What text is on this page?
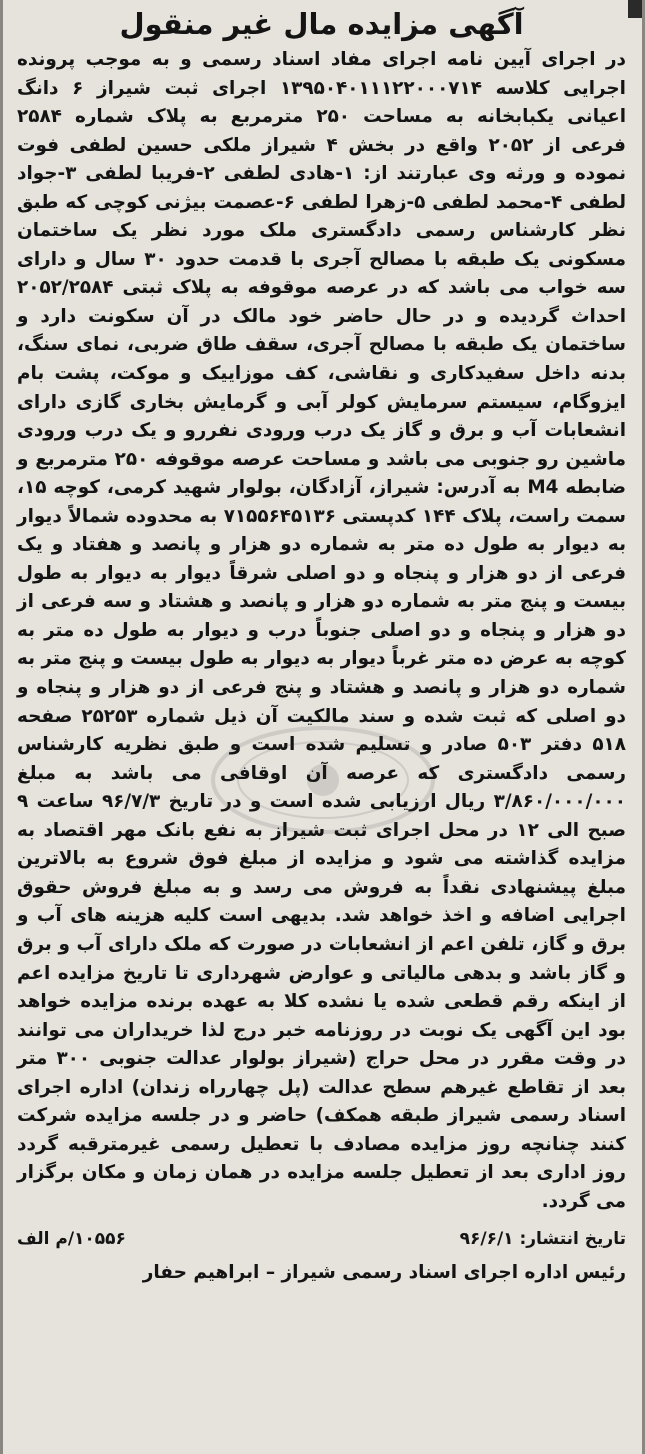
آگهی مزایده مال غیر منقول

در اجرای آیین نامه اجرای مفاد اسناد رسمی و به موجب پرونده اجرایی کلاسه ۱۳۹۵۰۴۰۱۱۱۲۲۰۰۰۷۱۴ اجرای ثبت شیراز ۶ دانگ اعیانی یکبابخانه به مساحت ۲۵۰ مترمربع به پلاک شماره ۲۵۸۴ فرعی از ۲۰۵۲ واقع در بخش ۴ شیراز ملکی حسین لطفی فوت نموده و ورثه وی عبارتند از: ۱-هادی لطفی ۲-فریبا لطفی ۳-جواد لطفی ۴-محمد لطفی ۵-زهرا لطفی ۶-عصمت بیژنی کوچی که طبق نظر کارشناس رسمی دادگستری ملک مورد نظر یک ساختمان مسکونی یک طبقه با مصالح آجری با قدمت حدود ۳۰ سال و دارای سه خواب می باشد که در عرصه موقوفه به پلاک ثبتی ۲۰۵۲/۲۵۸۴ احداث گردیده و در حال حاضر خود مالک در آن سکونت دارد و ساختمان یک طبقه با مصالح آجری، سقف طاق ضربی، نمای سنگ، بدنه داخل سفیدکاری و نقاشی، کف موزاییک و موکت، پشت بام ایزوگام، سیستم سرمایش کولر آبی و گرمایش بخاری گازی دارای انشعابات آب و برق و گاز یک درب ورودی نفررو و یک درب ورودی ماشین رو جنوبی می باشد و مساحت عرصه موقوفه ۲۵۰ مترمربع و ضابطه M4 به آدرس: شیراز، آزادگان، بولوار شهید کرمی، کوچه ۱۵، سمت راست، پلاک ۱۴۴ کدپستی ۷۱۵۵۶۴۵۱۳۶ به محدوده شمالاً دیوار به دیوار به طول ده متر به شماره دو هزار و پانصد و هفتاد و یک فرعی از دو هزار و پنجاه و دو اصلی شرقاً دیوار به دیوار به طول بیست و پنج متر به شماره دو هزار و پانصد و هشتاد و سه فرعی از دو هزار و پنجاه و دو اصلی جنوباً درب و دیوار به طول ده متر به کوچه به عرض ده متر غرباً دیوار به دیوار به طول بیست و پنج متر به شماره دو هزار و پانصد و هشتاد و پنج فرعی از دو هزار و پنجاه و دو اصلی که ثبت شده و سند مالکیت آن ذیل شماره ۲۵۲۵۳ صفحه ۵۱۸ دفتر ۵۰۳ صادر و تسلیم شده است و طبق نظریه کارشناس رسمی دادگستری که عرصه آن اوقافی می باشد به مبلغ ۳/۸۶۰/۰۰۰/۰۰۰ ریال ارزیابی شده است و در تاریخ ۹۶/۷/۳ ساعت ۹ صبح الی ۱۲ در محل اجرای ثبت شیراز به نفع بانک مهر اقتصاد به مزایده گذاشته می شود و مزایده از مبلغ فوق شروع به بالاترین مبلغ پیشنهادی نقداً به فروش می رسد و به مبلغ فروش حقوق اجرایی اضافه و اخذ خواهد شد. بدیهی است کلیه هزینه های آب و برق و گاز، تلفن اعم از انشعابات در صورت که ملک دارای آب و برق و گاز باشد و بدهی مالیاتی و عوارض شهرداری تا تاریخ مزایده اعم از اینکه رقم قطعی شده یا نشده کلا به عهده برنده مزایده خواهد بود این آگهی یک نوبت در روزنامه خبر درج لذا خریداران می توانند در وقت مقرر در محل حراج (شیراز بولوار عدالت جنوبی ۳۰۰ متر بعد از تقاطع غیرهم سطح عدالت (پل چهارراه زندان) اداره اجرای اسناد رسمی شیراز طبقه همکف) حاضر و در جلسه مزایده شرکت کنند چنانچه روز مزایده مصادف با تعطیل رسمی غیرمترقبه گردد روز اداری بعد از تعطیل جلسه مزایده در همان زمان و مکان برگزار می گردد.

تاریخ انتشار: ۹۶/۶/۱
۱۰۵۵۶/م الف
رئیس اداره اجرای اسناد رسمی شیراز – ابراهیم حفار
